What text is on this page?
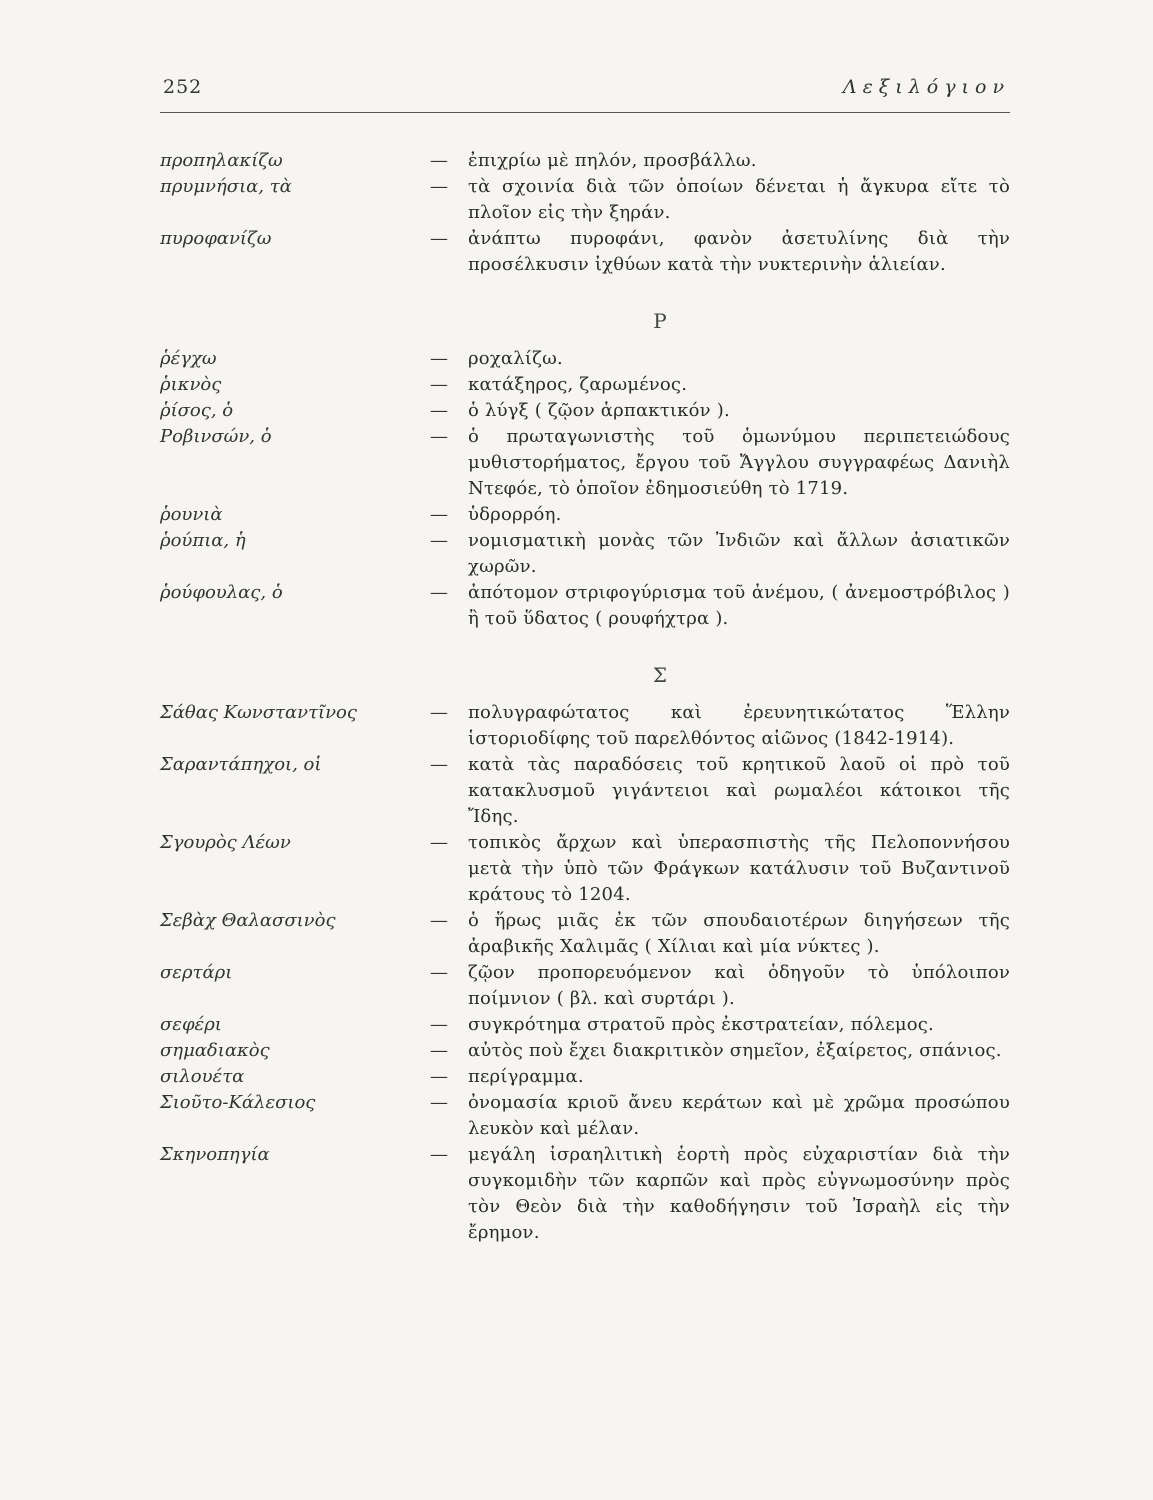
252	Λεξιλόγιον
προπηλακίζω	—	ἐπιχρίω μὲ πηλόν, προσβάλλω.
πρυμνήσια, τὰ	—	τὰ σχοινία διὰ τῶν ὁποίων δένεται ἡ ἄγκυρα εἴτε τὸ πλοῖον εἰς τὴν ξηράν.
πυροφανίζω	—	ἀνάπτω πυροφάνι, φανὸν ἀσετυλίνης διὰ τὴν προσέλκυσιν ἰχθύων κατὰ τὴν νυκτερινὴν ἁλιείαν.
Ρ
ῥέγχω	—	ροχαλίζω.
ῥικνὸς	—	κατάξηρος, ζαρωμένος.
ῥίσος, ὁ	—	ὁ λύγξ ( ζῷον ἁρπακτικόν ).
Ροβινσών, ὁ	—	ὁ πρωταγωνιστὴς τοῦ ὁμωνύμου περιπετειώδους μυθιστορήματος, ἔργου τοῦ Ἄγγλου συγγραφέως Δανιὴλ Ντεφόε, τὸ ὁποῖον ἐδημοσιεύθη τὸ 1719.
ῥουνιὰ	—	ὑδρορρόη.
ῥούπια, ἡ	—	νομισματικὴ μονὰς τῶν Ἰνδιῶν καὶ ἄλλων ἀσιατικῶν χωρῶν.
ῥούφουλας, ὁ	—	ἀπότομον στριφογύρισμα τοῦ ἀνέμου, ( ἀνεμοστρόβιλος ) ἢ τοῦ ὕδατος ( ρουφήχτρα ).
Σ
Σάθας Κωνσταντῖνος	—	πολυγραφώτατος καὶ ἐρευνητικώτατος Ἕλλην ἱστοριοδίφης τοῦ παρελθόντος αἰῶνος (1842-1914).
Σαραντάπηχοι, οἱ	—	κατὰ τὰς παραδόσεις τοῦ κρητικοῦ λαοῦ οἱ πρὸ τοῦ κατακλυσμοῦ γιγάντειοι καὶ ρωμαλέοι κάτοικοι τῆς Ἴδης.
Σγουρὸς Λέων	—	τοπικὸς ἄρχων καὶ ὑπερασπιστὴς τῆς Πελοποννήσου μετὰ τὴν ὑπὸ τῶν Φράγκων κατάλυσιν τοῦ Βυζαντινοῦ κράτους τὸ 1204.
Σεβὰχ Θαλασσινὸς	—	ὁ ἥρως μιᾶς ἐκ τῶν σπουδαιοτέρων διηγήσεων τῆς ἀραβικῆς Χαλιμᾶς ( Χίλιαι καὶ μία νύκτες ).
σερτάρι	—	ζῷον προπορευόμενον καὶ ὁδηγοῦν τὸ ὑπόλοιπον ποίμνιον ( βλ. καὶ συρτάρι ).
σεφέρι	—	συγκρότημα στρατοῦ πρὸς ἐκστρατείαν, πόλεμος.
σημαδιακὸς	—	αὐτὸς ποὺ ἔχει διακριτικὸν σημεῖον, ἐξαίρετος, σπάνιος.
σιλουέτα	—	περίγραμμα.
Σιοῦτο-Κάλεσιος	—	ὀνομασία κριοῦ ἄνευ κεράτων καὶ μὲ χρῶμα προσώπου λευκὸν καὶ μέλαν.
Σκηνοπηγία	—	μεγάλη ἰσραηλιτικὴ ἑορτὴ πρὸς εὐχαριστίαν διὰ τὴν συγκομιδὴν τῶν καρπῶν καὶ πρὸς εὐγνωμοσύνην πρὸς τὸν Θεὸν διὰ τὴν καθοδήγησιν τοῦ Ἰσραὴλ εἰς τὴν ἔρημον.
